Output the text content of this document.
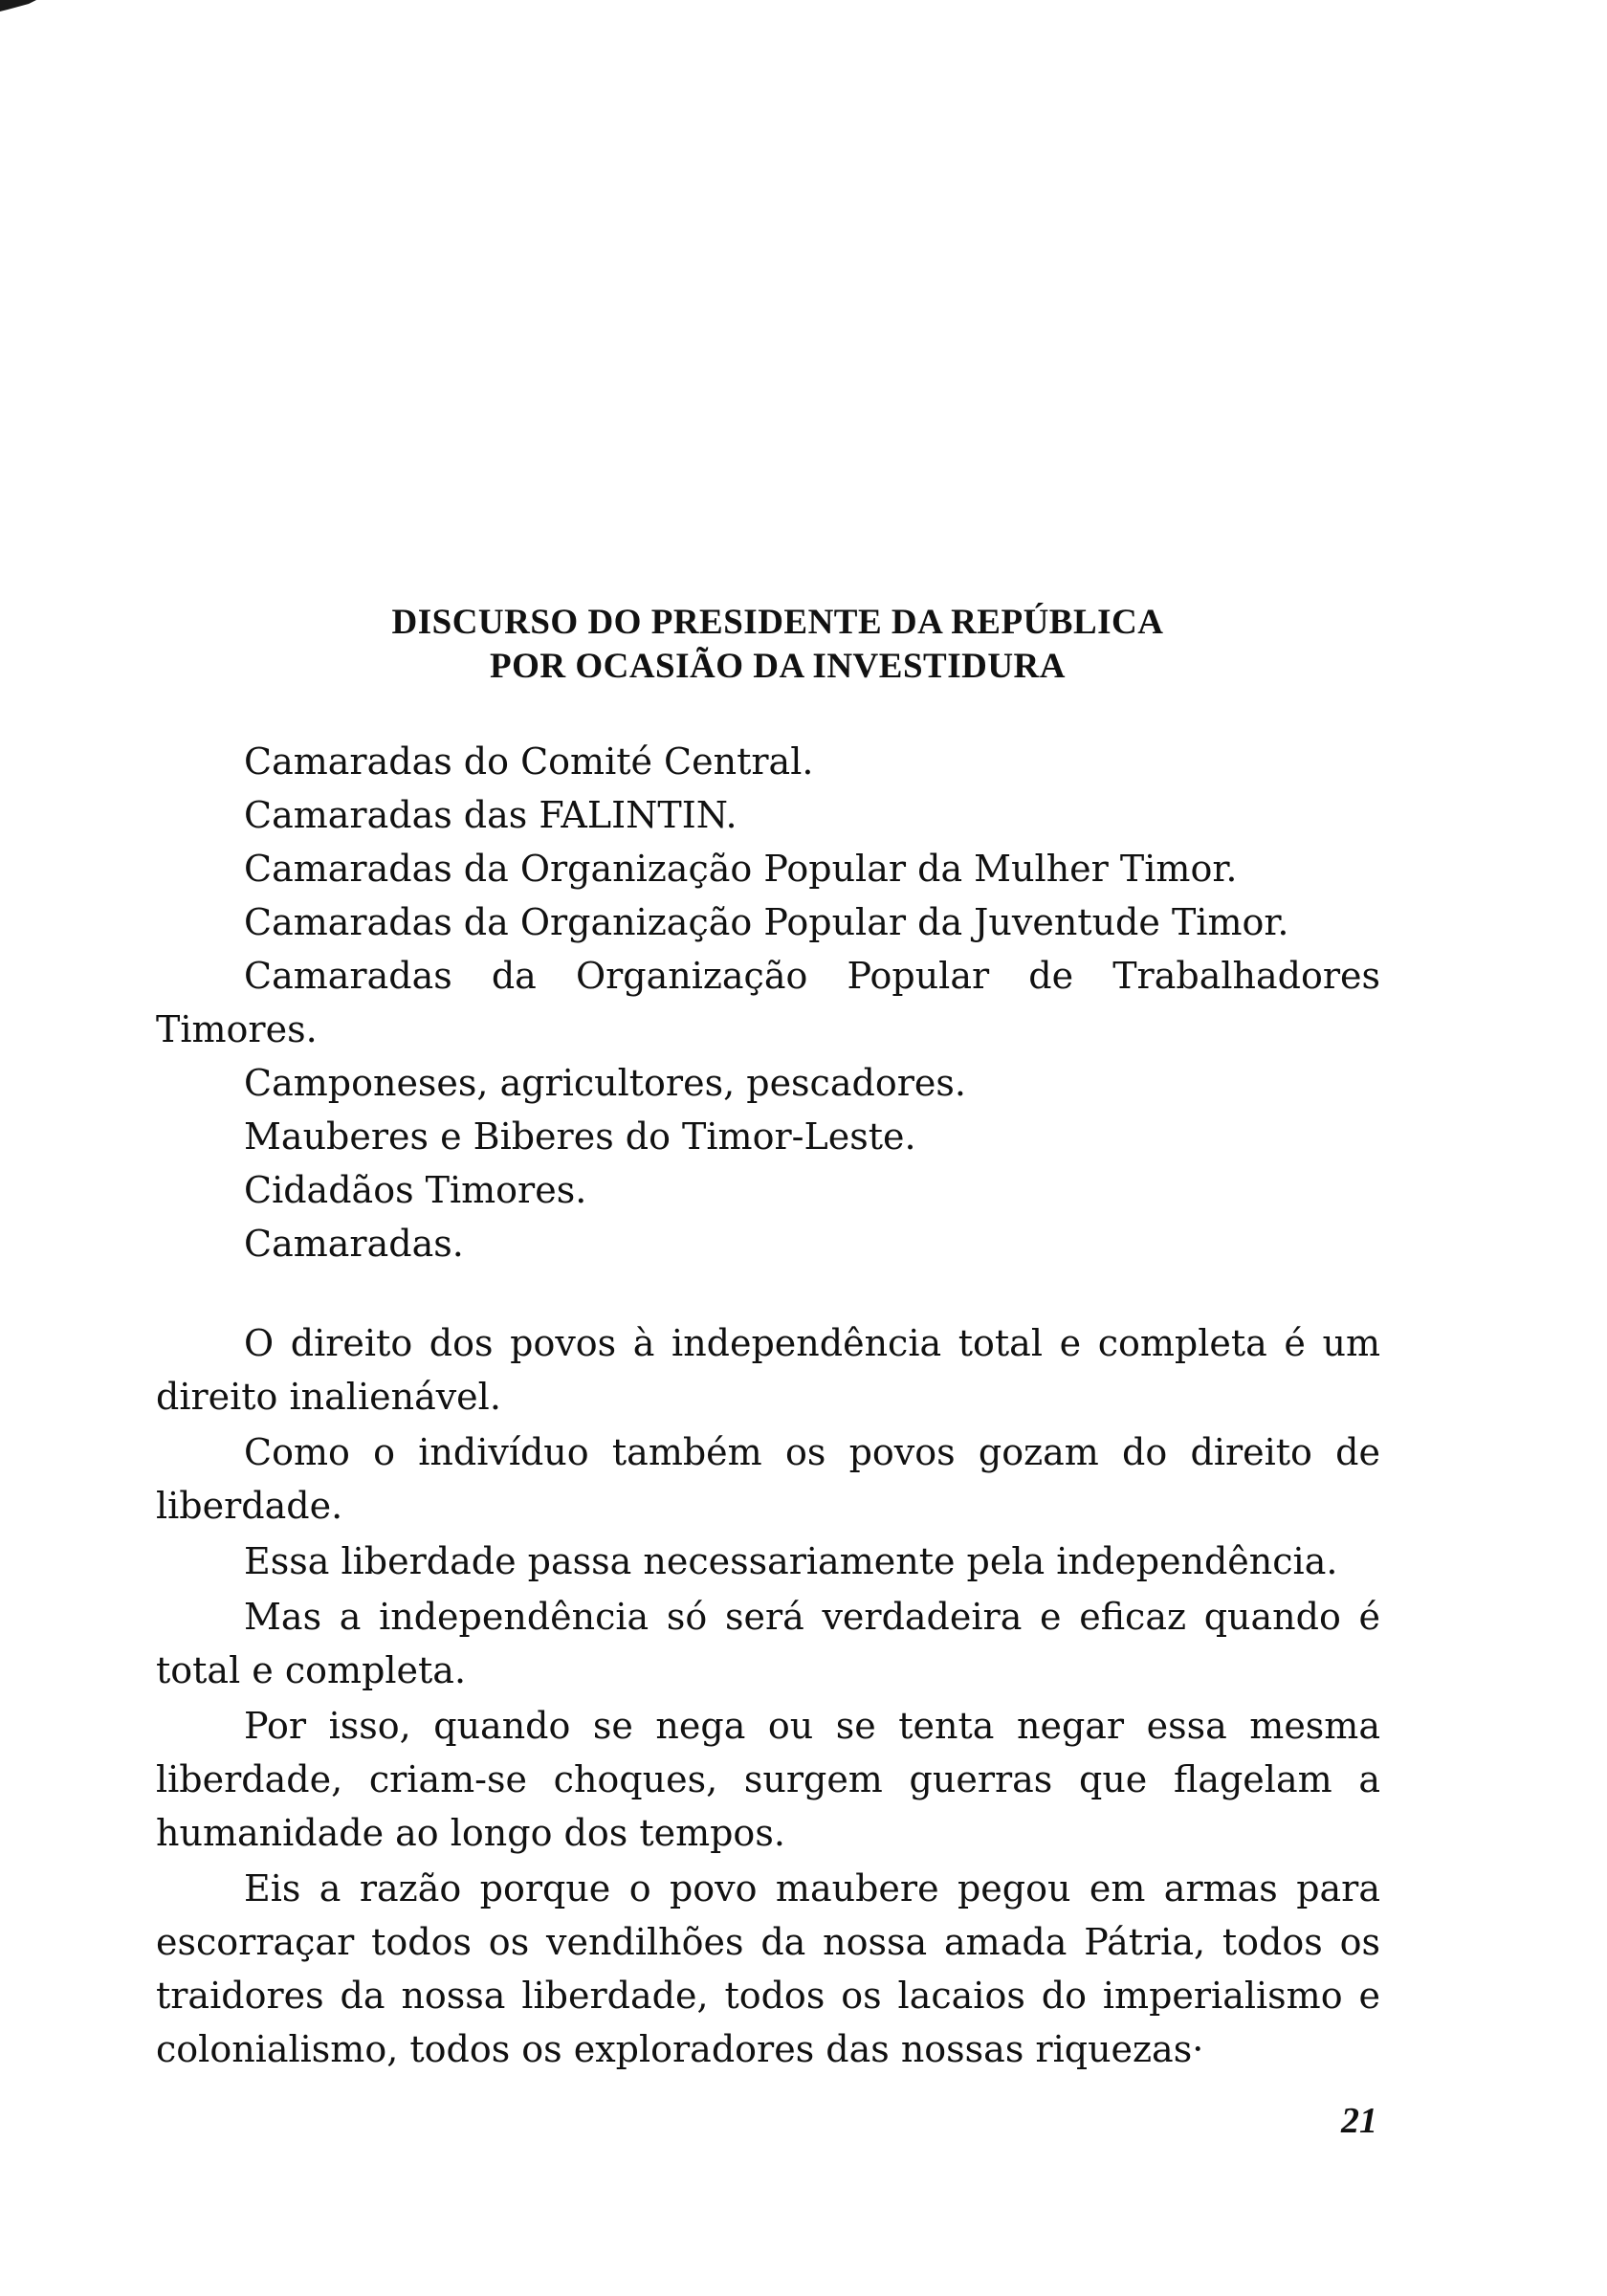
DISCURSO DO PRESIDENTE DA REPÚBLICA
POR OCASIÃO DA INVESTIDURA
Camaradas do Comité Central.
Camaradas das FALINTIN.
Camaradas da Organização Popular da Mulher Timor.
Camaradas da Organização Popular da Juventude Timor.
Camaradas da Organização Popular de Trabalhadores Timores.
Camponeses, agricultores, pescadores.
Mauberes e Biberes do Timor-Leste.
Cidadãos Timores.
Camaradas.

O direito dos povos à independência total e completa é um direito inalienável.

Como o indivíduo também os povos gozam do direito de liberdade.

Essa liberdade passa necessariamente pela independência.

Mas a independência só será verdadeira e eficaz quando é total e completa.

Por isso, quando se nega ou se tenta negar essa mesma liberdade, criam-se choques, surgem guerras que flagelam a humanidade ao longo dos tempos.

Eis a razão porque o povo maubere pegou em armas para escorraçar todos os vendilhões da nossa amada Pátria, todos os traidores da nossa liberdade, todos os lacaios do imperialismo e colonialismo, todos os exploradores das nossas riquezas·

21
